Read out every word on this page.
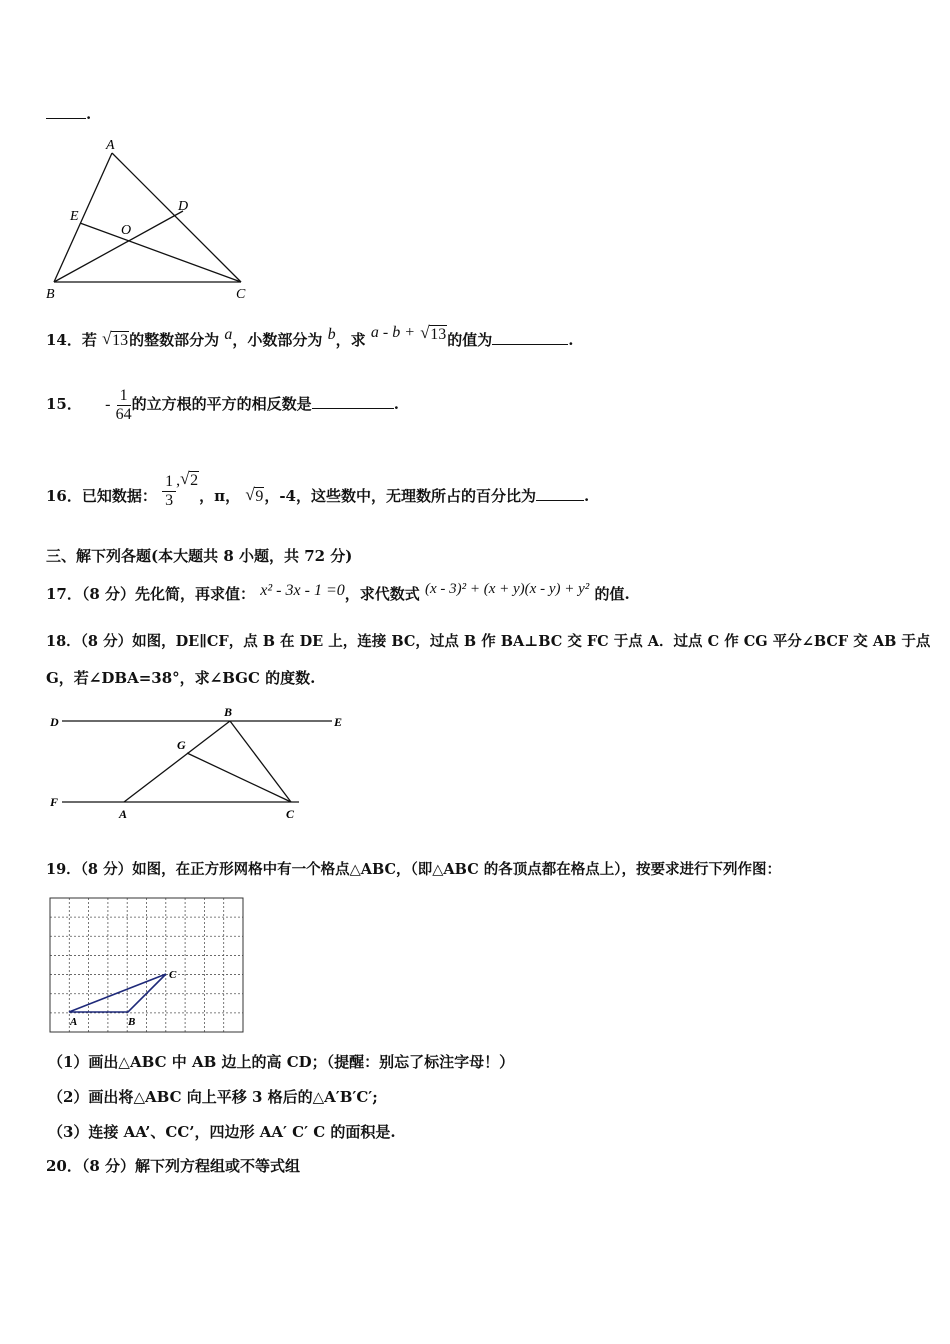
.
A
E
D
O
B	C
14．若 √ 13的整数部分为 a，小数部分为 b，求 a - b + √ 13的值为	.
15． - $\frac{1}{64}$ 的立方根的平方的相反数是	.
16．已知数据： $\frac{1}{3}$ , √ 2，π， √ 9，-4，这些数中，无理数所占的百分比为	.
三、解下列各题(本大题共 8 小题，共 72 分)
17．（8 分）先化简，再求值： x² - 3x - 1 =0，求代数式 (x - 3)² + (x + y)(x - y) + y² 的值.
18．（8 分）如图，DE∥CF，点 B 在 DE 上，连接 BC，过点 B 作 BA⊥BC 交 FC 于点 A．过点 C 作 CG 平分∠BCF 交 AB 于点
G，若∠DBA=38°，求∠BGC 的度数.
D	E
B
G
F
A	C
19．（8 分）如图，在正方形网格中有一个格点△ABC，（即△ABC 的各顶点都在格点上），按要求进行下列作图：
A	B
C
（1）画出△ABC 中 AB 边上的高 CD；（提醒：别忘了标注字母！）
（2）画出将△ABC 向上平移 3 格后的△A′B′C′;
（3）连接 AA’、CC’，四边形 AA′ C′ C 的面积是.
20．（8 分）解下列方程组或不等式组
